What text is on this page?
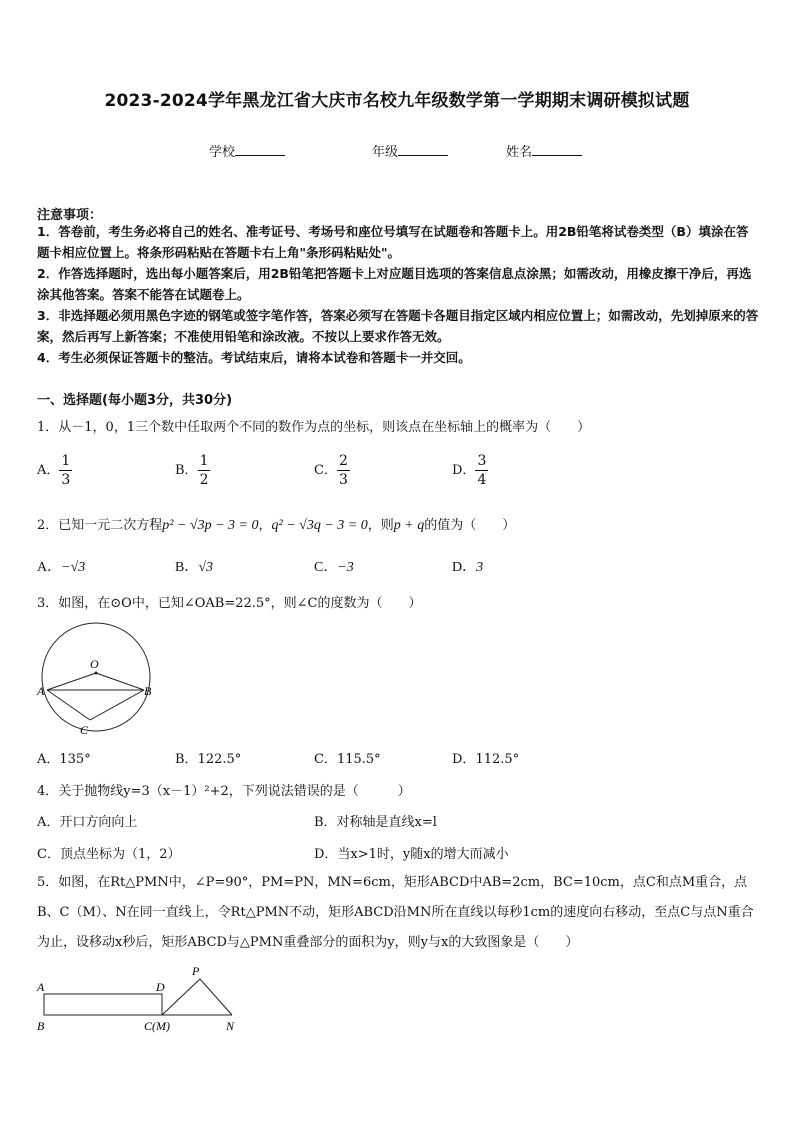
2023-2024学年黑龙江省大庆市名校九年级数学第一学期期末调研模拟试题
学校	年级	姓名
注意事项：
1．答卷前，考生务必将自己的姓名、准考证号、考场号和座位号填写在试题卷和答题卡上。用2B铅笔将试卷类型（B）填涂在答题卡相应位置上。将条形码粘贴在答题卡右上角"条形码粘贴处"。
2．作答选择题时，选出每小题答案后，用2B铅笔把答题卡上对应题目选项的答案信息点涂黑；如需改动，用橡皮擦干净后，再选涂其他答案。答案不能答在试题卷上。
3．非选择题必须用黑色字迹的钢笔或签字笔作答，答案必须写在答题卡各题目指定区域内相应位置上；如需改动，先划掉原来的答案，然后再写上新答案；不准使用铅笔和涂改液。不按以上要求作答无效。
4．考生必须保证答题卡的整洁。考试结束后，请将本试卷和答题卡一并交回。
一、选择题(每小题3分，共30分)
1．从－1，0，1三个数中任取两个不同的数作为点的坐标，则该点在坐标轴上的概率为（　　）
A． $\frac{1}{3}$	B． $\frac{1}{2}$	C． $\frac{2}{3}$	D． $\frac{3}{4}$
2．已知一元二次方程p² − √3p − 3 = 0，q² − √3q − 3 = 0，则p + q的值为（　　）
A．−√3	B．√3	C．−3	D．3
3．如图，在⊙O中，已知∠OAB=22.5°，则∠C的度数为（　　）
O
A	B
C
A．135°	B．122.5°	C．115.5°	D．112.5°
4．关于抛物线y=3（x－1）²+2，下列说法错误的是（　　　）
A．开口方向向上	B．对称轴是直线x=l
C．顶点坐标为（1，2）	D．当x>1时，y随x的增大而减小
5．如图，在Rt△PMN中，∠P=90°，PM=PN，MN=6cm，矩形ABCD中AB=2cm，BC=10cm，点C和点M重合，点B、C（M）、N在同一直线上，令Rt△PMN不动，矩形ABCD沿MN所在直线以每秒1cm的速度向右移动，至点C与点N重合为止，设移动x秒后，矩形ABCD与△PMN重叠部分的面积为y，则y与x的大致图象是（　　）
A
B
D
C(M)	N
P
